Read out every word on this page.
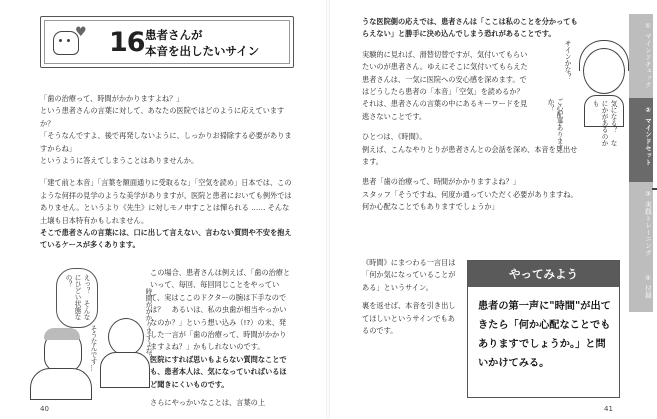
♥ 16 患者さんが
本音を出したいサイン

「歯の治療って、時間がかかりますよね？」

という患者さんの言葉に対して、あなたの医院ではどのように応えていますか？

「そうなんですよ、後で再発しないように、しっかりお掃除する必要がありますからね」

というように答えてしまうことはありませんか。

「建て前と本音」「言葉を額面通りに受取るな」「空気を読め」日本では、このような何拝の見学のような美学がありますが、医院と患者においても例外ではありません。というより《先生》に対しモノ申すことは憚られる …… そんな土壌も日本特有かもしれません。

そこで患者さんの言葉には、口に出して言えない、言わない質問や不安を抱えているケースが多くあります。

この場合、患者さんは例えば、「歯の治療といって、毎回、毎回同じことをやっていて、実はここのドクターの腕は下手なのでは？　あるいは、私の虫歯が相当やっかいなのか？」という想い込み（!?）の末、発した一言が「歯の治療って、時間がかかりますよね？」かもしれないのです。

医院にすれば思いもよらない質問なことでも、患者本人は、気になっていればいるほど聞きにくいものです。

さらにやっかいなことは、言葉の上

えっ？　そんなにひどい状態なの？
そうなんです…	時間がかかりますよね？
40

うな医院側の応えでは、患者さんは「ここは私のことを分かってもらえない」と勝手に決め込んでしまう恐れがあることです。

実験的に見れば、滑替切替ですが、気付いてもらいたいのが患者さん。ゆえにそこに気付いてもらえた患者さんは、一気に医院への安心感を深めます。ではどうしたら患者の「本音」「空気」を読めるか？　それは、患者さんの言葉の中にあるキーワードを見逃さないことです。

ひとつは、《時間》。

例えば、こんなやりとりが患者さんとの会話を深め、本音を見出せます。

患者「歯の治療って、時間がかかりますよね？」

スタッフ「そうですね、何度か通っていただく必要がありますね。何か心配なことでもありますでしょうか」

《時間》にまつわる一言目は「何か気になっていることがある」というサイン。

裏を返せば、本音を引き出してほしいというサインでもあるのです。

サインかな？
気になる？　なにかがあるのかも
ご心配事ありますか？
やってみよう
患者の第一声に"時間"が出てきたら「何か心配なことでもありますでしょうか。」と問いかけてみる。
41
① マインドチェック
② マインドセット
③ 実践トレーニング
④ 付録
